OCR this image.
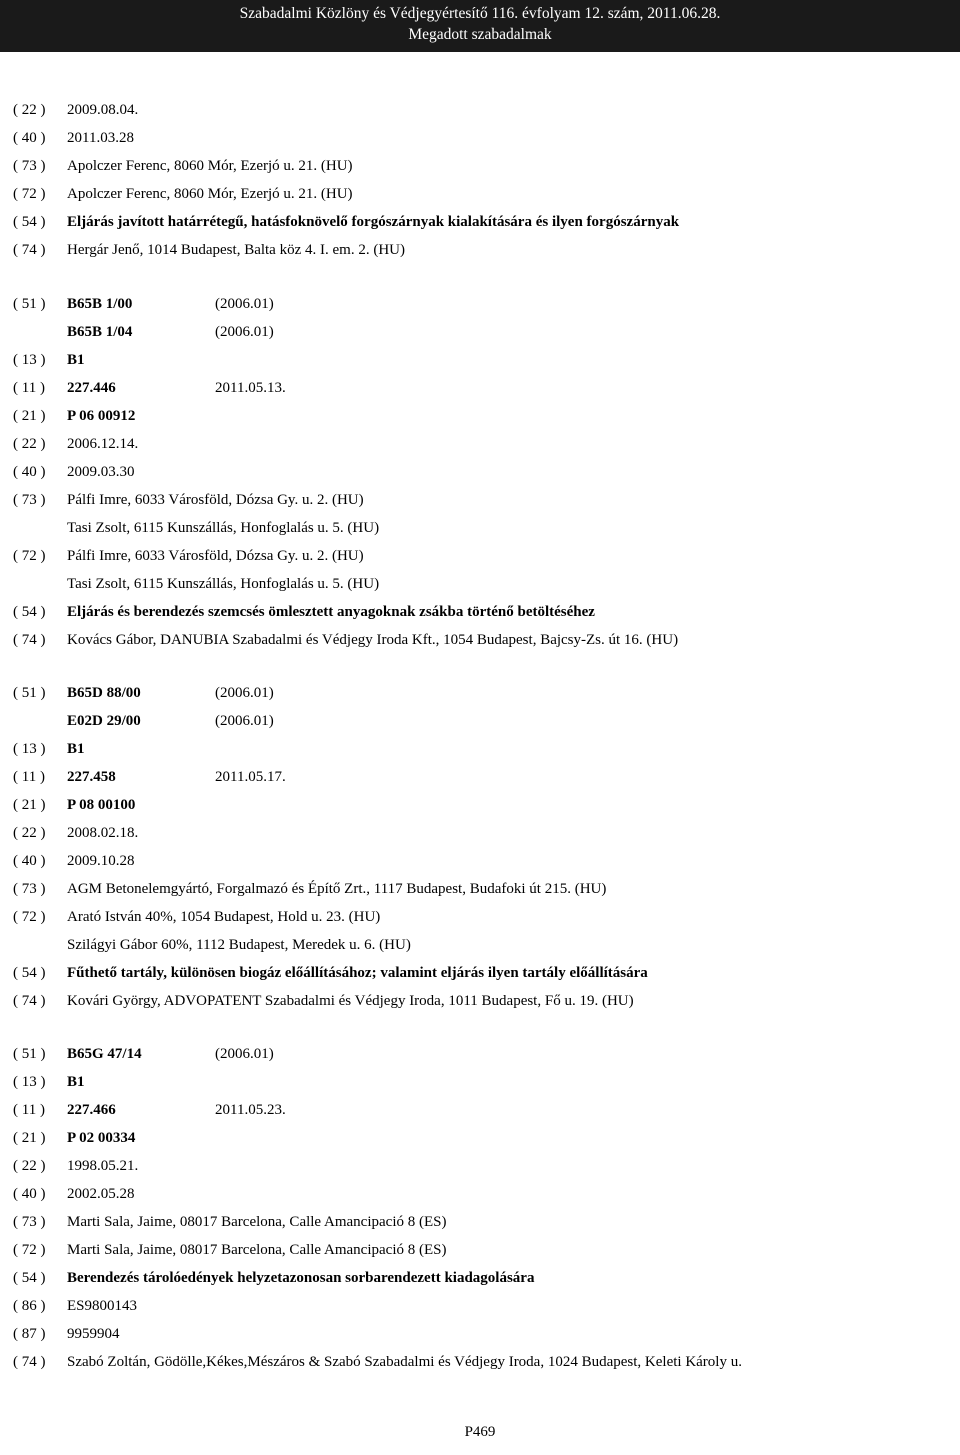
Szabadalmi Közlöny és Védjegyértesítő 116. évfolyam 12. szám, 2011.06.28.
Megadott szabadalmak
( 22 )	2009.08.04.
( 40 )	2011.03.28
( 73 )	Apolczer Ferenc, 8060 Mór, Ezerjó u. 21. (HU)
( 72 )	Apolczer Ferenc, 8060 Mór, Ezerjó u. 21. (HU)
( 54 )	Eljárás javított határrétegű, hatásfoknövelő forgószárnyak kialakítására és ilyen forgószárnyak
( 74 )	Hergár Jenő, 1014 Budapest, Balta köz 4. I. em. 2. (HU)
( 51 )	B65B 1/00	(2006.01)
B65B 1/04	(2006.01)
( 13 )	B1
( 11 )	227.446	2011.05.13.
( 21 )	P 06 00912
( 22 )	2006.12.14.
( 40 )	2009.03.30
( 73 )	Pálfi Imre, 6033 Városföld, Dózsa Gy. u. 2. (HU)
Tasi Zsolt, 6115 Kunszállás, Honfoglalás u. 5. (HU)
( 72 )	Pálfi Imre, 6033 Városföld, Dózsa Gy. u. 2. (HU)
Tasi Zsolt, 6115 Kunszállás, Honfoglalás u. 5. (HU)
( 54 )	Eljárás és berendezés szemcsés ömlesztett anyagoknak zsákba történő betöltéséhez
( 74 )	Kovács Gábor, DANUBIA Szabadalmi és Védjegy Iroda Kft., 1054 Budapest, Bajcsy-Zs. út 16. (HU)
( 51 )	B65D 88/00	(2006.01)
E02D 29/00	(2006.01)
( 13 )	B1
( 11 )	227.458	2011.05.17.
( 21 )	P 08 00100
( 22 )	2008.02.18.
( 40 )	2009.10.28
( 73 )	AGM Betonelemgyártó, Forgalmazó és Építő Zrt., 1117 Budapest, Budafoki út 215. (HU)
( 72 )	Arató István 40%, 1054 Budapest, Hold u. 23. (HU)
Szilágyi Gábor 60%, 1112 Budapest, Meredek u. 6. (HU)
( 54 )	Fűthető tartály, különösen biogáz előállításához; valamint eljárás ilyen tartály előállítására
( 74 )	Kovári György, ADVOPATENT Szabadalmi és Védjegy Iroda, 1011 Budapest, Fő u. 19. (HU)
( 51 )	B65G 47/14	(2006.01)
( 13 )	B1
( 11 )	227.466	2011.05.23.
( 21 )	P 02 00334
( 22 )	1998.05.21.
( 40 )	2002.05.28
( 73 )	Marti Sala, Jaime, 08017 Barcelona, Calle Amancipació 8 (ES)
( 72 )	Marti Sala, Jaime, 08017 Barcelona, Calle Amancipació 8 (ES)
( 54 )	Berendezés tárolóedények helyzetazonosan sorbarendezett kiadagolására
( 86 )	ES9800143
( 87 )	9959904
( 74 )	Szabó Zoltán, Gödölle,Kékes,Mészáros & Szabó Szabadalmi és Védjegy Iroda, 1024 Budapest, Keleti Károly u.
P469
